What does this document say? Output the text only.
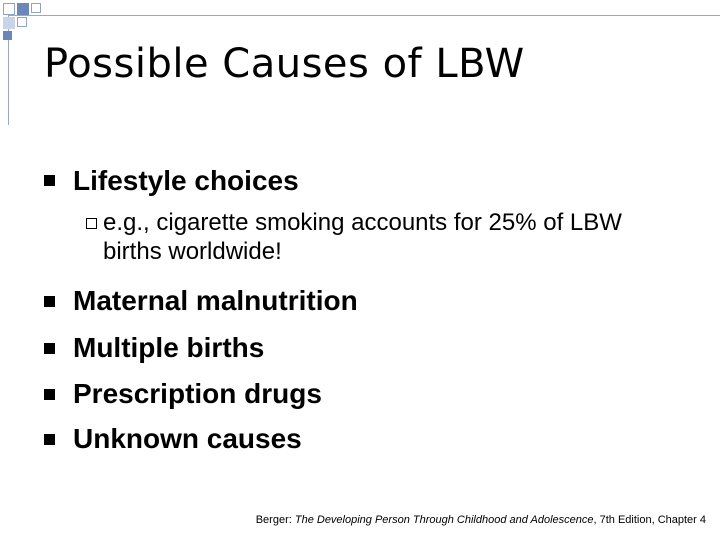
Possible Causes of LBW
Lifestyle choices
e.g., cigarette smoking accounts for 25% of LBW births worldwide!
Maternal malnutrition
Multiple births
Prescription drugs
Unknown causes
Berger: The Developing Person Through Childhood and Adolescence, 7th Edition, Chapter 4
